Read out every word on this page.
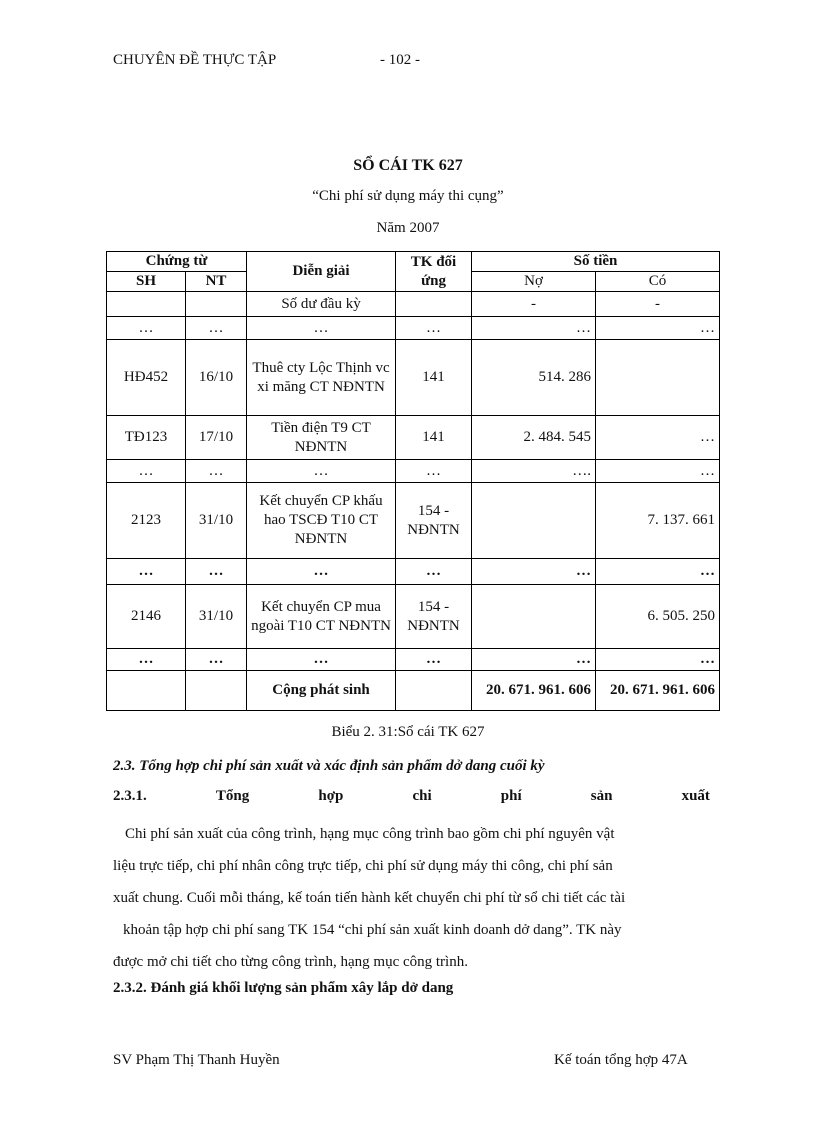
CHUYÊN ĐỀ THỰC TẬP	- 102 -
SỔ CÁI TK 627
“Chi phí sử dụng máy thi cụng”
Năm 2007
Chứng từ		Diễn giải	TK đối ứng	Số tiền	
SH	NT			Nợ	Có
		Số dư đầu kỳ		-	-
…	…	…	…	…	…
HĐ452	16/10	Thuê cty Lộc Thịnh vc xi măng CT NĐNTN	141	514. 286	
TĐ123	17/10	Tiền điện T9 CT NĐNTN	141	2. 484. 545	…
…	…	…	…	….	…
2123	31/10	Kết chuyển CP khấu hao TSCĐ T10 CT NĐNTN	154 - NĐNTN		7. 137. 661
…	…	…	…	…	…
2146	31/10	Kết chuyển CP mua ngoài T10 CT NĐNTN	154 - NĐNTN		6. 505. 250
…	…	…	…	…	…
		Cộng phát sinh		20. 671. 961. 606	20. 671. 961. 606
Biểu 2. 31:Sổ cái TK 627
2.3. Tổng hợp chi phí sản xuất và xác định sản phẩm dở dang cuối kỳ
2.3.1.	Tổng	hợp	chi	phí	sản	xuất
Chi phí sản xuất của công trình, hạng mục công trình bao gồm chi phí nguyên vật
liệu trực tiếp, chi phí nhân công trực tiếp, chi phí sử dụng máy thi công, chi phí sản
xuất chung. Cuối mỗi tháng, kế toán tiến hành kết chuyển chi phí từ sổ chi tiết các tài
khoản tập hợp chi phí sang TK 154 “chi phí sản xuất kinh doanh dở dang”. TK này
được mở chi tiết cho từng công trình, hạng mục công trình.
2.3.2. Đánh giá khối lượng sản phẩm xây lắp dở dang
SV Phạm Thị Thanh Huyền	Kế toán tổng hợp 47A
